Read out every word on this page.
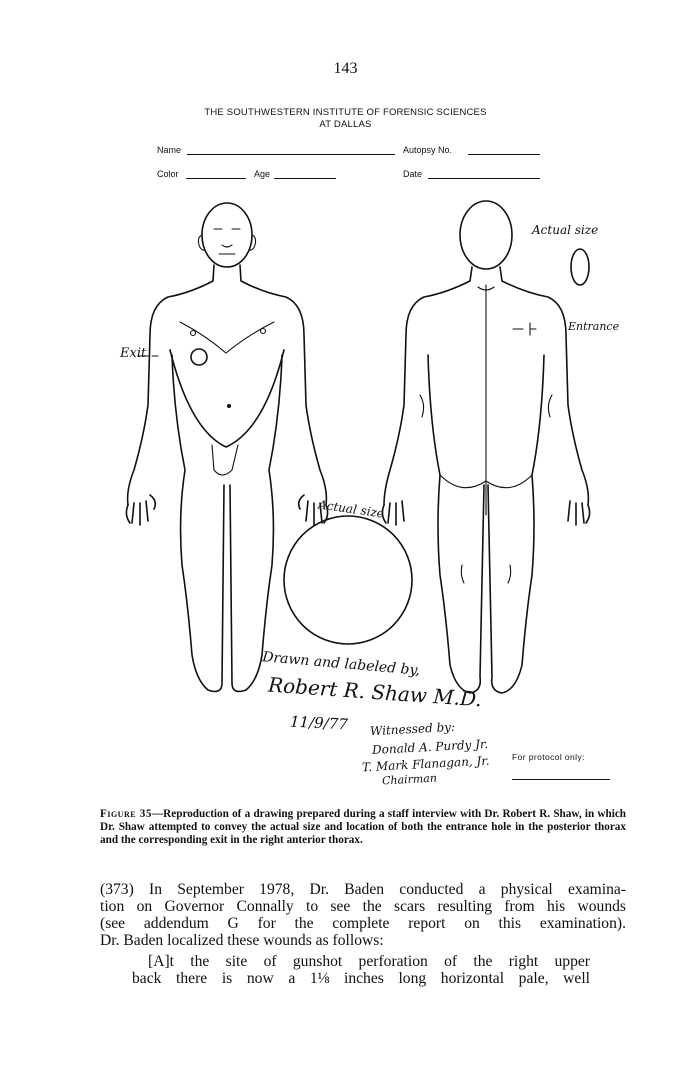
143
THE SOUTHWESTERN INSTITUTE OF FORENSIC SCIENCES
AT DALLAS
Name	Autopsy No.
Color	Age	Date
Exit
Entrance
Actual size
Actual size
Drawn and labeled by,
Robert R. Shaw M.D.
11/9/77 Witnessed by:
Donald A. Purdy Jr.
T. Mark Flanagan, Jr.
Chairman
For protocol only:
Figure 35—Reproduction of a drawing prepared during a staff interview with Dr. Robert R. Shaw, in which Dr. Shaw attempted to convey the actual size and location of both the entrance hole in the posterior thorax and the corresponding exit in the right anterior thorax.
(373) In September 1978, Dr. Baden conducted a physical examina-
tion on Governor Connally to see the scars resulting from his wounds
(see addendum G for the complete report on this examination).
Dr. Baden localized these wounds as follows:
[A]t the site of gunshot perforation of the right upper
back there is now a 1⅛ inches long horizontal pale, well
